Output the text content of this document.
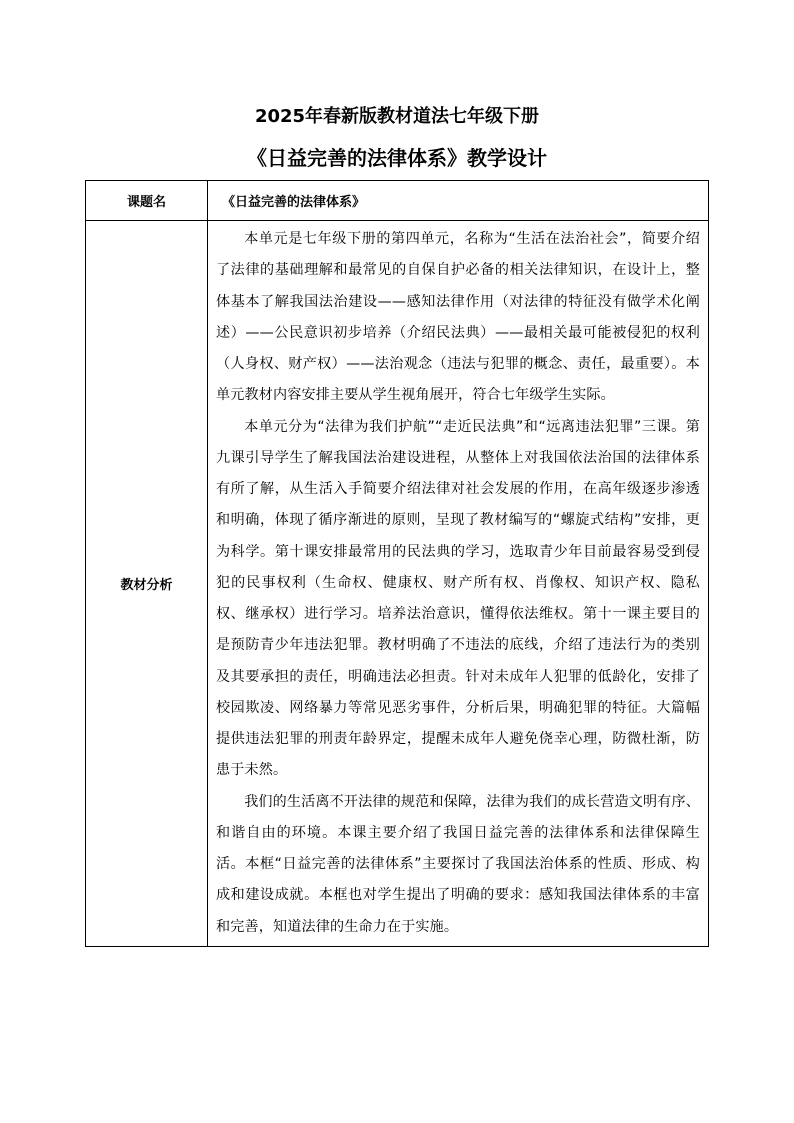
2025年春新版教材道法七年级下册
《日益完善的法律体系》教学设计
课题名	《日益完善的法律体系》
教材分析	本单元是七年级下册的第四单元，名称为“生活在法治社会”，简要介绍了法律的基础理解和最常见的自保自护必备的相关法律知识，在设计上，整体基本了解我国法治建设——感知法律作用（对法律的特征没有做学术化阐述）——公民意识初步培养（介绍民法典）——最相关最可能被侵犯的权利（人身权、财产权）——法治观念（违法与犯罪的概念、责任，最重要）。本单元教材内容安排主要从学生视角展开，符合七年级学生实际。

本单元分为“法律为我们护航”“走近民法典”和“远离违法犯罪”三课。第九课引导学生了解我国法治建设进程，从整体上对我国依法治国的法律体系有所了解，从生活入手简要介绍法律对社会发展的作用，在高年级逐步渗透和明确，体现了循序渐进的原则，呈现了教材编写的“螺旋式结构”安排，更为科学。第十课安排最常用的民法典的学习，选取青少年目前最容易受到侵犯的民事权利（生命权、健康权、财产所有权、肖像权、知识产权、隐私权、继承权）进行学习。培养法治意识，懂得依法维权。第十一课主要目的是预防青少年违法犯罪。教材明确了不违法的底线，介绍了违法行为的类别及其要承担的责任，明确违法必担责。针对未成年人犯罪的低龄化，安排了校园欺凌、网络暴力等常见恶劣事件，分析后果，明确犯罪的特征。大篇幅提供违法犯罪的刑责年龄界定，提醒未成年人避免侥幸心理，防微杜渐，防患于未然。

我们的生活离不开法律的规范和保障，法律为我们的成长营造文明有序、和谐自由的环境。本课主要介绍了我国日益完善的法律体系和法律保障生活。本框“日益完善的法律体系”主要探讨了我国法治体系的性质、形成、构成和建设成就。本框也对学生提出了明确的要求：感知我国法律体系的丰富和完善，知道法律的生命力在于实施。
